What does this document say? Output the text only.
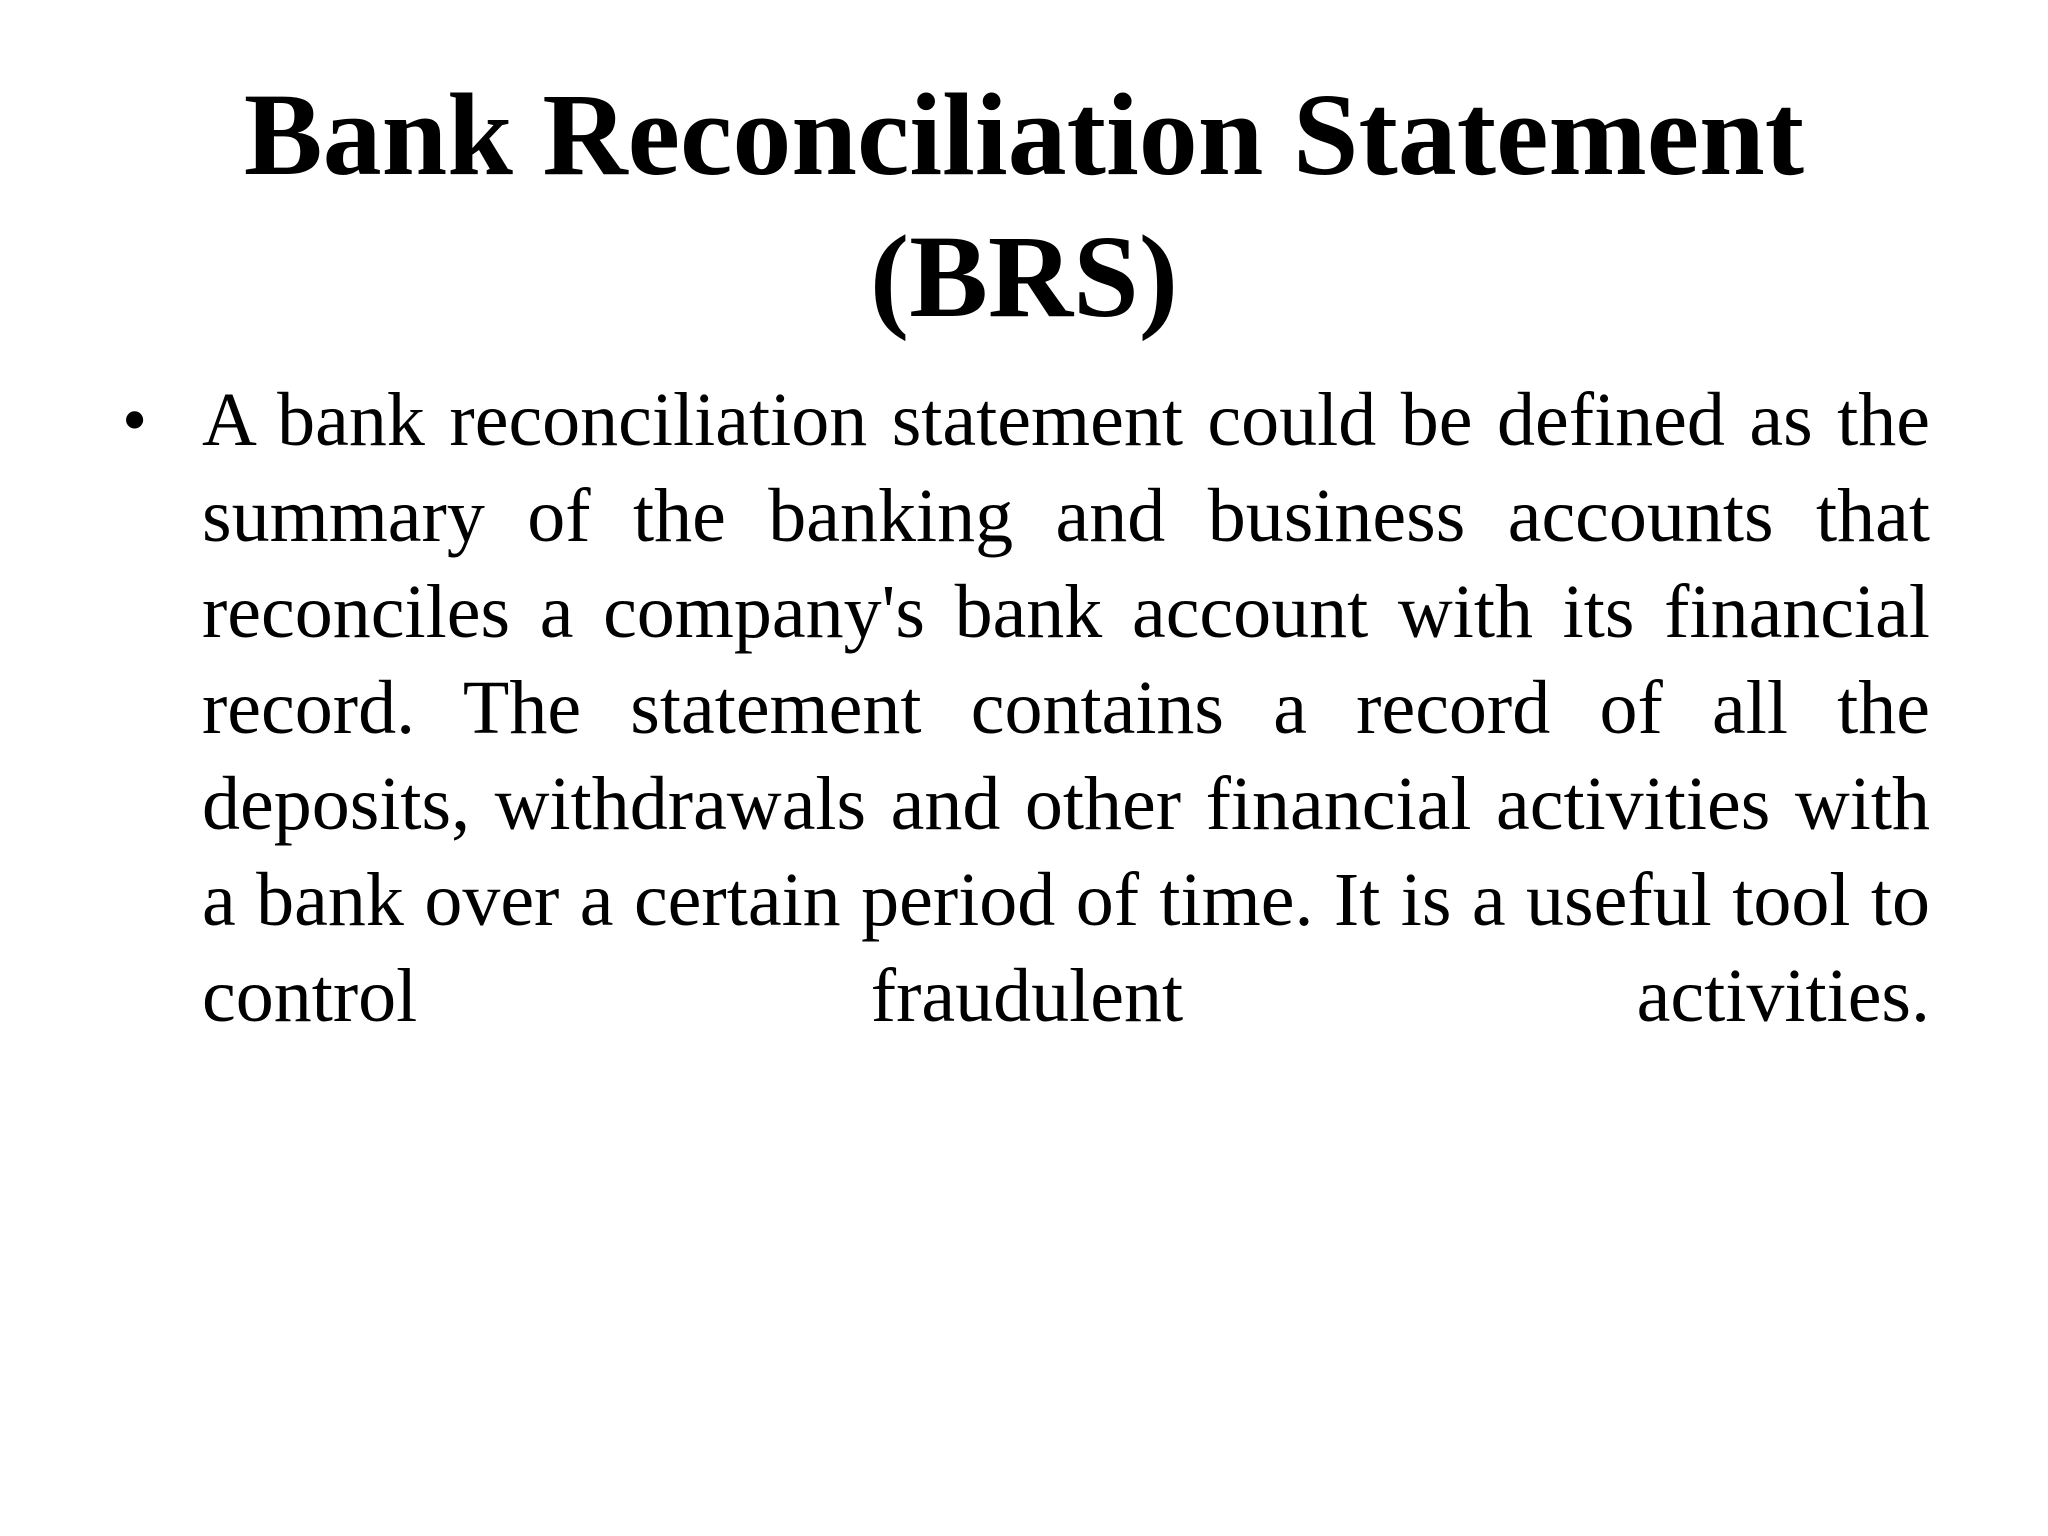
Bank Reconciliation Statement
(BRS)
• A bank reconciliation statement could be defined as the summary of the banking and business accounts that reconciles a company's bank account with its financial record. The statement contains a record of all the deposits, withdrawals and other financial activities with a bank over a certain period of time. It is a useful tool to control fraudulent activities.
